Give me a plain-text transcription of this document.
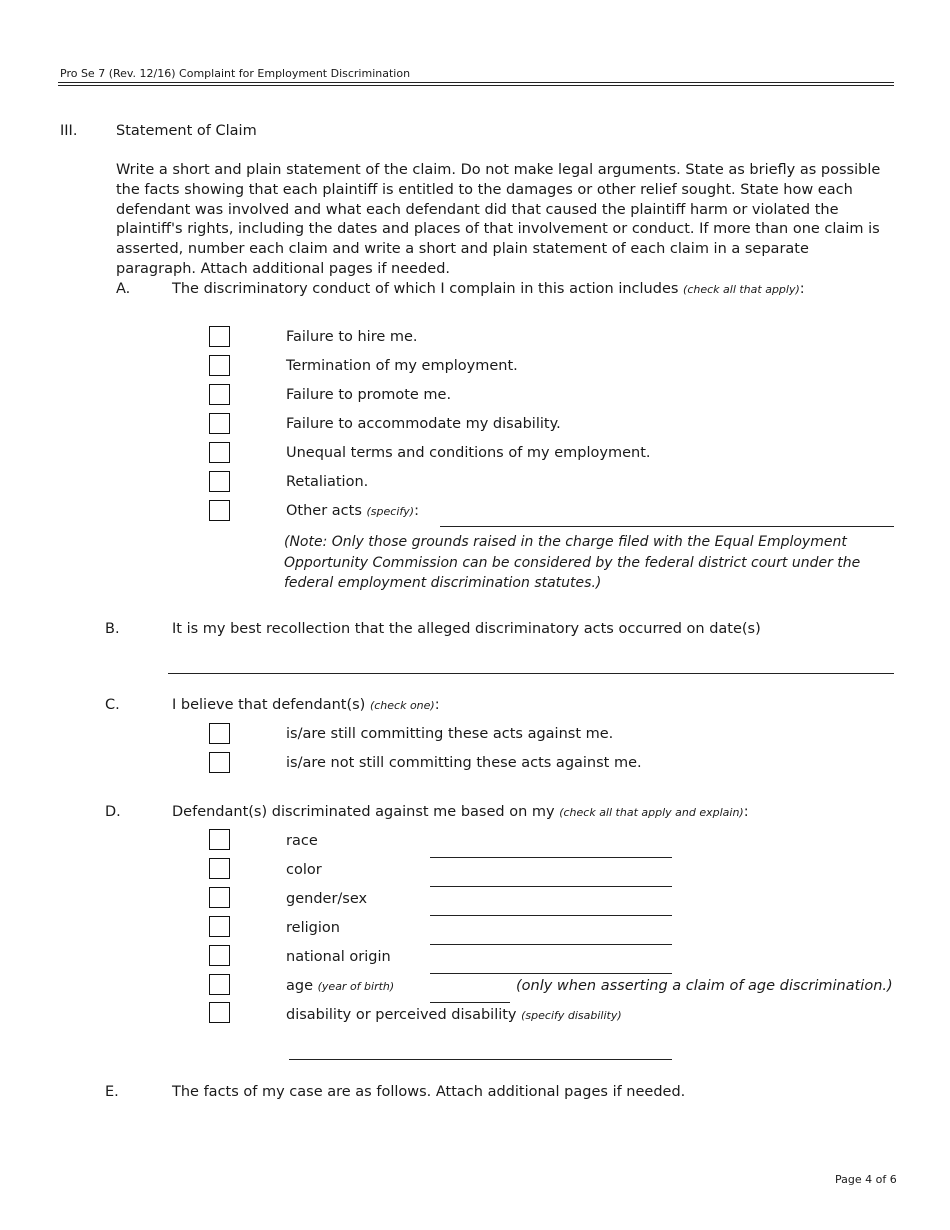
Pro Se 7 (Rev. 12/16) Complaint for Employment Discrimination
III.	Statement of Claim
Write a short and plain statement of the claim. Do not make legal arguments. State as briefly as possible the facts showing that each plaintiff is entitled to the damages or other relief sought. State how each defendant was involved and what each defendant did that caused the plaintiff harm or violated the plaintiff's rights, including the dates and places of that involvement or conduct. If more than one claim is asserted, number each claim and write a short and plain statement of each claim in a separate paragraph. Attach additional pages if needed.
A.	The discriminatory conduct of which I complain in this action includes (check all that apply):
Failure to hire me.
Termination of my employment.
Failure to promote me.
Failure to accommodate my disability.
Unequal terms and conditions of my employment.
Retaliation.
Other acts (specify):
(Note: Only those grounds raised in the charge filed with the Equal Employment Opportunity Commission can be considered by the federal district court under the federal employment discrimination statutes.)
B.	It is my best recollection that the alleged discriminatory acts occurred on date(s)
C.	I believe that defendant(s) (check one):
is/are still committing these acts against me.
is/are not still committing these acts against me.
D.	Defendant(s) discriminated against me based on my (check all that apply and explain):
race
color
gender/sex
religion
national origin
age (year of birth)	(only when asserting a claim of age discrimination.)
disability or perceived disability (specify disability)
E.	The facts of my case are as follows. Attach additional pages if needed.
Page 4 of 6
